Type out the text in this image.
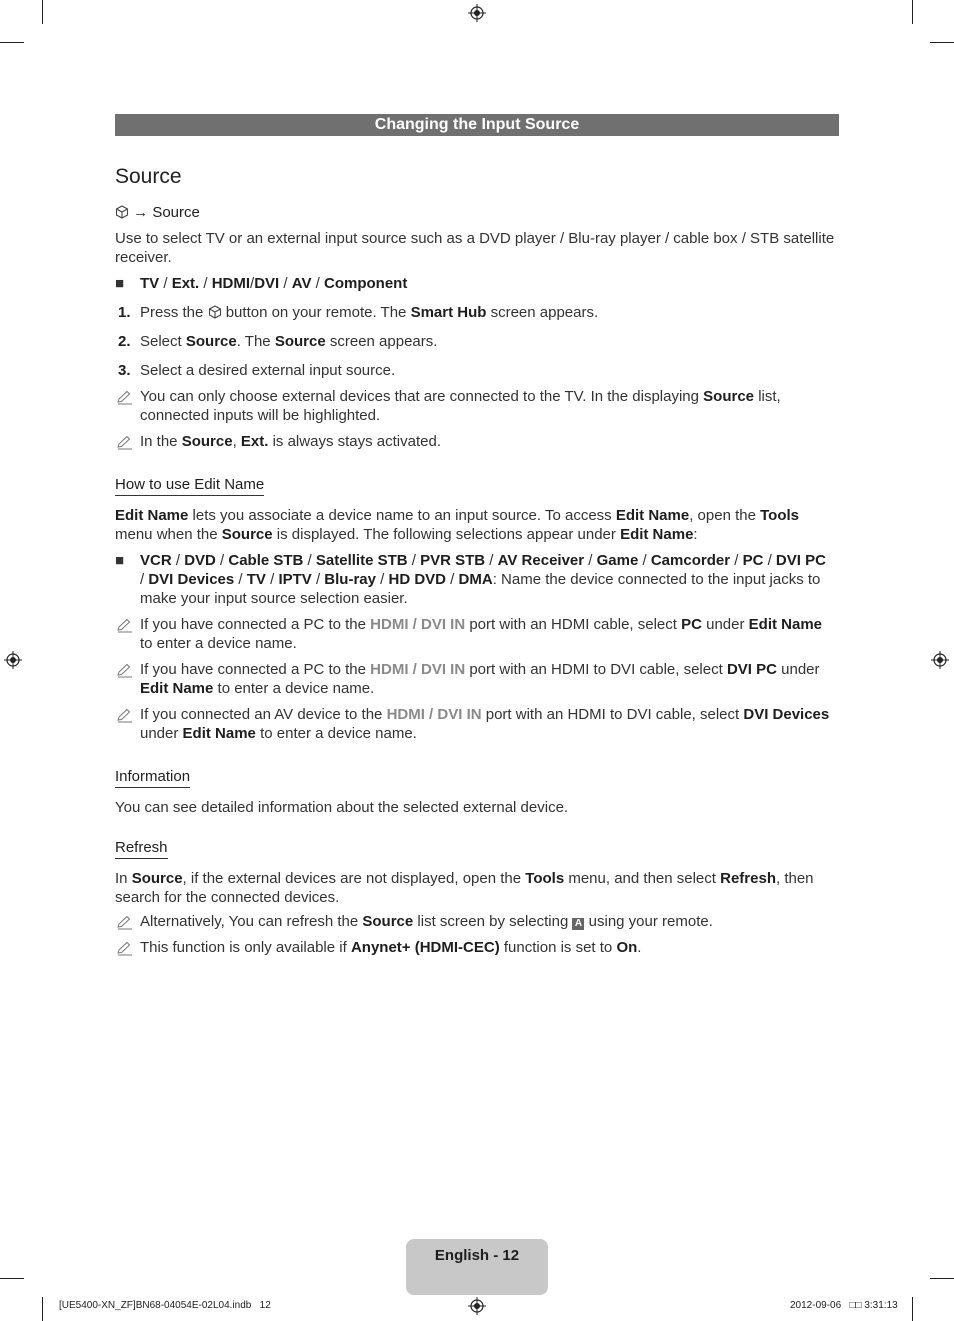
Changing the Input Source
Source
→ Source
Use to select TV or an external input source such as a DVD player / Blu-ray player / cable box / STB satellite receiver.
■ TV / Ext. / HDMI/DVI / AV / Component
1. Press the button on your remote. The Smart Hub screen appears.
2. Select Source. The Source screen appears.
3. Select a desired external input source.
You can only choose external devices that are connected to the TV. In the displaying Source list, connected inputs will be highlighted.
In the Source, Ext. is always stays activated.
How to use Edit Name
Edit Name lets you associate a device name to an input source. To access Edit Name, open the Tools menu when the Source is displayed. The following selections appear under Edit Name:
■ VCR / DVD / Cable STB / Satellite STB / PVR STB / AV Receiver / Game / Camcorder / PC / DVI PC / DVI Devices / TV / IPTV / Blu-ray / HD DVD / DMA: Name the device connected to the input jacks to make your input source selection easier.
If you have connected a PC to the HDMI / DVI IN port with an HDMI cable, select PC under Edit Name to enter a device name.
If you have connected a PC to the HDMI / DVI IN port with an HDMI to DVI cable, select DVI PC under Edit Name to enter a device name.
If you connected an AV device to the HDMI / DVI IN port with an HDMI to DVI cable, select DVI Devices under Edit Name to enter a device name.
Information
You can see detailed information about the selected external device.
Refresh
In Source, if the external devices are not displayed, open the Tools menu, and then select Refresh, then search for the connected devices.
Alternatively, You can refresh the Source list screen by selecting A using your remote.
This function is only available if Anynet+ (HDMI-CEC) function is set to On.
English - 12
[UE5400-XN_ZF]BN68-04054E-02L04.indb   12	2012-09-06   □□ 3:31:13
